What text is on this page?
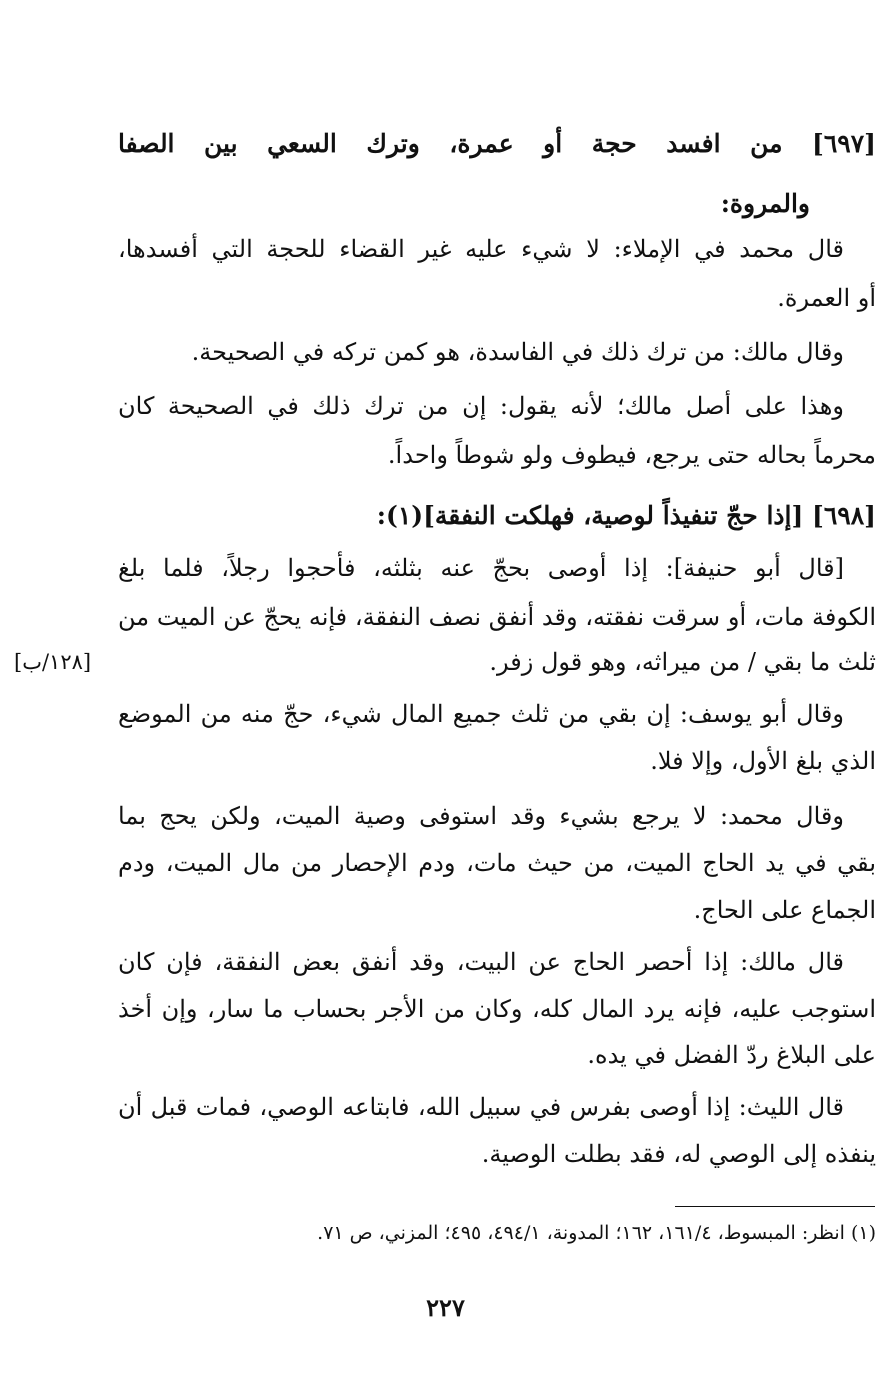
[٦٩٧] من افسد حجة أو عمرة، وترك السعي بين الصفا
والمروة:
قال محمد في الإملاء: لا شيء عليه غير القضاء للحجة التي أفسدها،
أو العمرة.
وقال مالك: من ترك ذلك في الفاسدة، هو كمن تركه في الصحيحة.
وهذا على أصل مالك؛ لأنه يقول: إن من ترك ذلك في الصحيحة كان
محرماً بحاله حتى يرجع، فيطوف ولو شوطاً واحداً.
[٦٩٨] [إذا حجّ تنفيذاً لوصية، فهلكت النفقة](١):
[قال أبو حنيفة]: إذا أوصى بحجّ عنه بثلثه، فأحجوا رجلاً، فلما بلغ
الكوفة مات، أو سرقت نفقته، وقد أنفق نصف النفقة، فإنه يحجّ عن الميت من
ثلث ما بقي / من ميراثه، وهو قول زفر.
[١٢٨/ب]
وقال أبو يوسف: إن بقي من ثلث جميع المال شيء، حجّ منه من الموضع
الذي بلغ الأول، وإلا فلا.
وقال محمد: لا يرجع بشيء وقد استوفى وصية الميت، ولكن يحج بما
بقي في يد الحاج الميت، من حيث مات، ودم الإحصار من مال الميت، ودم
الجماع على الحاج.
قال مالك: إذا أحصر الحاج عن البيت، وقد أنفق بعض النفقة، فإن كان
استوجب عليه، فإنه يرد المال كله، وكان من الأجر بحساب ما سار، وإن أخذ
على البلاغ ردّ الفضل في يده.
قال الليث: إذا أوصى بفرس في سبيل الله، فابتاعه الوصي، فمات قبل أن
ينفذه إلى الوصي له، فقد بطلت الوصية.
(١) انظر: المبسوط، ١٦١/٤، ١٦٢؛ المدونة، ٤٩٤/١، ٤٩٥؛ المزني، ص ٧١.
٢٢٧
